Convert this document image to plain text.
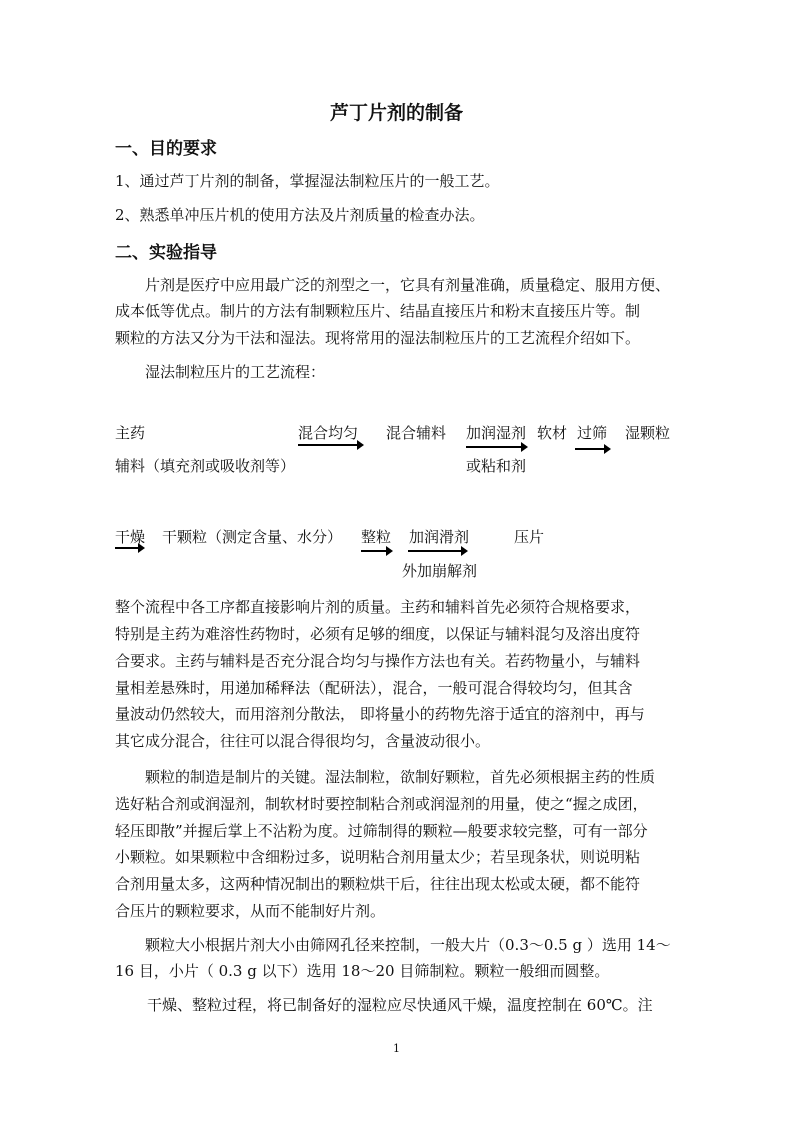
芦丁片剂的制备
一、目的要求
1、通过芦丁片剂的制备，掌握湿法制粒压片的一般工艺。
2、熟悉单冲压片机的使用方法及片剂质量的检查办法。
二、实验指导
片剂是医疗中应用最广泛的剂型之一，它具有剂量准确，质量稳定、服用方便、
成本低等优点。制片的方法有制颗粒压片、结晶直接压片和粉末直接压片等。制
颗粒的方法又分为干法和湿法。现将常用的湿法制粒压片的工艺流程介绍如下。
湿法制粒压片的工艺流程：
主药
辅料（填充剂或吸收剂等）
混合均匀 混合辅料 加润湿剂
或粘和剂
软材 过筛 湿颗粒
干燥 干颗粒（测定含量、水分） 整粒 加润滑剂
外加崩解剂
压片
整个流程中各工序都直接影响片剂的质量。主药和辅料首先必须符合规格要求，
特别是主药为难溶性药物时，必须有足够的细度，以保证与辅料混匀及溶出度符
合要求。主药与辅料是否充分混合均匀与操作方法也有关。若药物量小，与辅料
量相差悬殊时，用递加稀释法（配研法），混合，一般可混合得较均匀，但其含
量波动仍然较大，而用溶剂分散法， 即将量小的药物先溶于适宜的溶剂中，再与
其它成分混合，往往可以混合得很均匀，含量波动很小。
颗粒的制造是制片的关键。湿法制粒，欲制好颗粒，首先必须根据主药的性质
选好粘合剂或润湿剂，制软材时要控制粘合剂或润湿剂的用量，使之“握之成团，
轻压即散”并握后掌上不沾粉为度。过筛制得的颗粒—般要求较完整，可有一部分
小颗粒。如果颗粒中含细粉过多，说明粘合剂用量太少；若呈现条状，则说明粘
合剂用量太多，这两种情况制出的颗粒烘干后，往往出现太松或太硬，都不能符
合压片的颗粒要求，从而不能制好片剂。
颗粒大小根据片剂大小由筛网孔径来控制，一般大片（0.3～0.5 g ）选用 14～
16 目，小片（ 0.3 g 以下）选用 18～20 目筛制粒。颗粒一般细而圆整。
干燥、整粒过程，将已制备好的湿粒应尽快通风干燥，温度控制在 60℃。注
1
